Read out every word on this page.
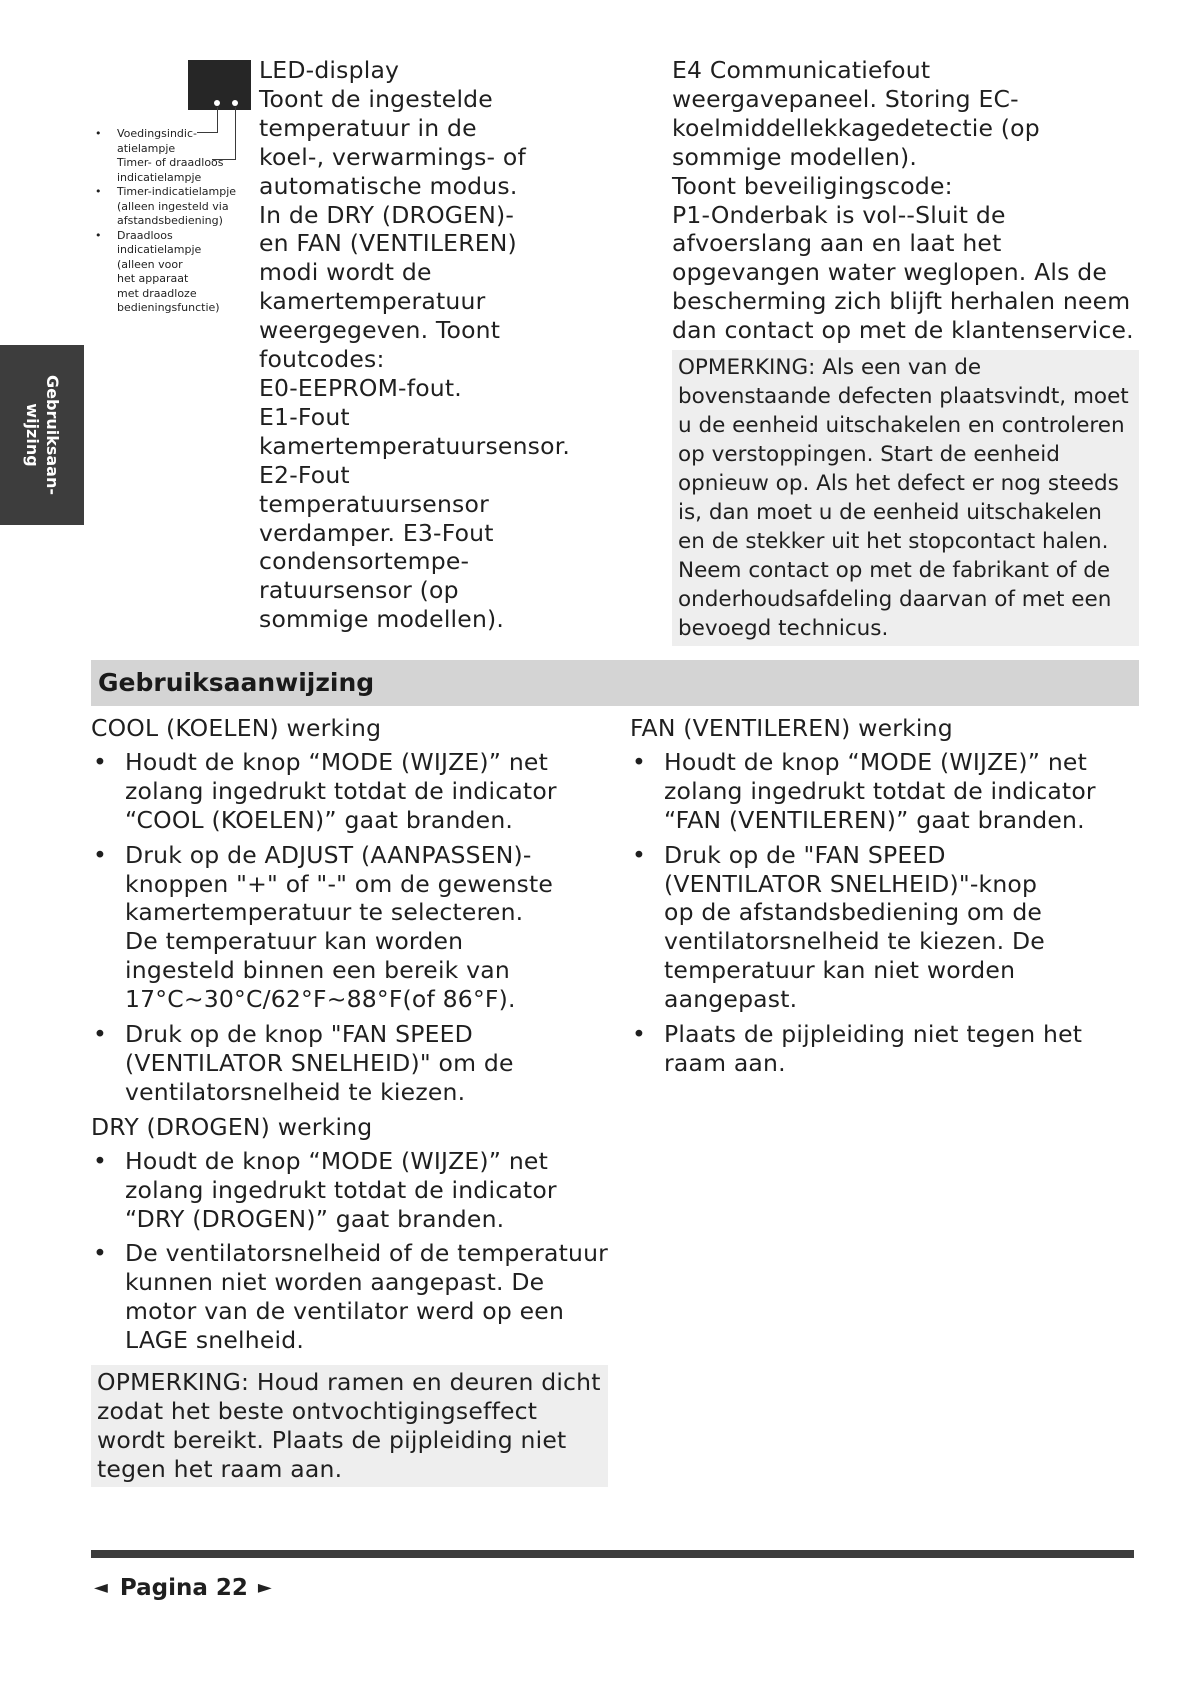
Gebruiksaan-
wijzing
• Voedingsindic-
atielampje
Timer- of draadloos
indicatielampje
• Timer-indicatielampje
(alleen ingesteld via
afstandsbediening)
• Draadloos
indicatielampje
(alleen voor
het apparaat
met draadloze
bedieningsfunctie)
LED-display
Toont de ingestelde
temperatuur in de
koel-, verwarmings- of
automatische modus.
In de DRY (DROGEN)-
en FAN (VENTILEREN)
modi wordt de
kamertemperatuur
weergegeven. Toont
foutcodes:
E0-EEPROM-fout.
E1-Fout
kamertemperatuursensor.
E2-Fout
temperatuursensor
verdamper. E3-Fout
condensortempe-
ratuursensor (op
sommige modellen).
E4 Communicatiefout
weergavepaneel. Storing EC-
koelmiddellekkagedetectie (op
sommige modellen).
Toont beveiligingscode:
P1-Onderbak is vol--Sluit de
afvoerslang aan en laat het
opgevangen water weglopen. Als de
bescherming zich blijft herhalen neem
dan contact op met de klantenservice.
OPMERKING: Als een van de
bovenstaande defecten plaatsvindt, moet
u de eenheid uitschakelen en controleren
op verstoppingen. Start de eenheid
opnieuw op. Als het defect er nog steeds
is, dan moet u de eenheid uitschakelen
en de stekker uit het stopcontact halen.
Neem contact op met de fabrikant of de
onderhoudsafdeling daarvan of met een
bevoegd technicus.
Gebruiksaanwijzing
COOL (KOELEN) werking
• Houdt de knop “MODE (WIJZE)” net
zolang ingedrukt totdat de indicator
“COOL (KOELEN)” gaat branden.
• Druk op de ADJUST (AANPASSEN)-
knoppen "+" of "-" om de gewenste
kamertemperatuur te selecteren.
De temperatuur kan worden
ingesteld binnen een bereik van
17°C~30°C/62°F~88°F(of 86°F).
• Druk op de knop "FAN SPEED
(VENTILATOR SNELHEID)" om de
ventilatorsnelheid te kiezen.
DRY (DROGEN) werking
• Houdt de knop “MODE (WIJZE)” net
zolang ingedrukt totdat de indicator
“DRY (DROGEN)” gaat branden.
• De ventilatorsnelheid of de temperatuur
kunnen niet worden aangepast. De
motor van de ventilator werd op een
LAGE snelheid.
OPMERKING: Houd ramen en deuren dicht
zodat het beste ontvochtigingseffect
wordt bereikt. Plaats de pijpleiding niet
tegen het raam aan.
FAN (VENTILEREN) werking
• Houdt de knop “MODE (WIJZE)” net
zolang ingedrukt totdat de indicator
“FAN (VENTILEREN)” gaat branden.
• Druk op de "FAN SPEED
(VENTILATOR SNELHEID)"-knop
op de afstandsbediening om de
ventilatorsnelheid te kiezen. De
temperatuur kan niet worden
aangepast.
• Plaats de pijpleiding niet tegen het
raam aan.
◄ Pagina 22 ►
